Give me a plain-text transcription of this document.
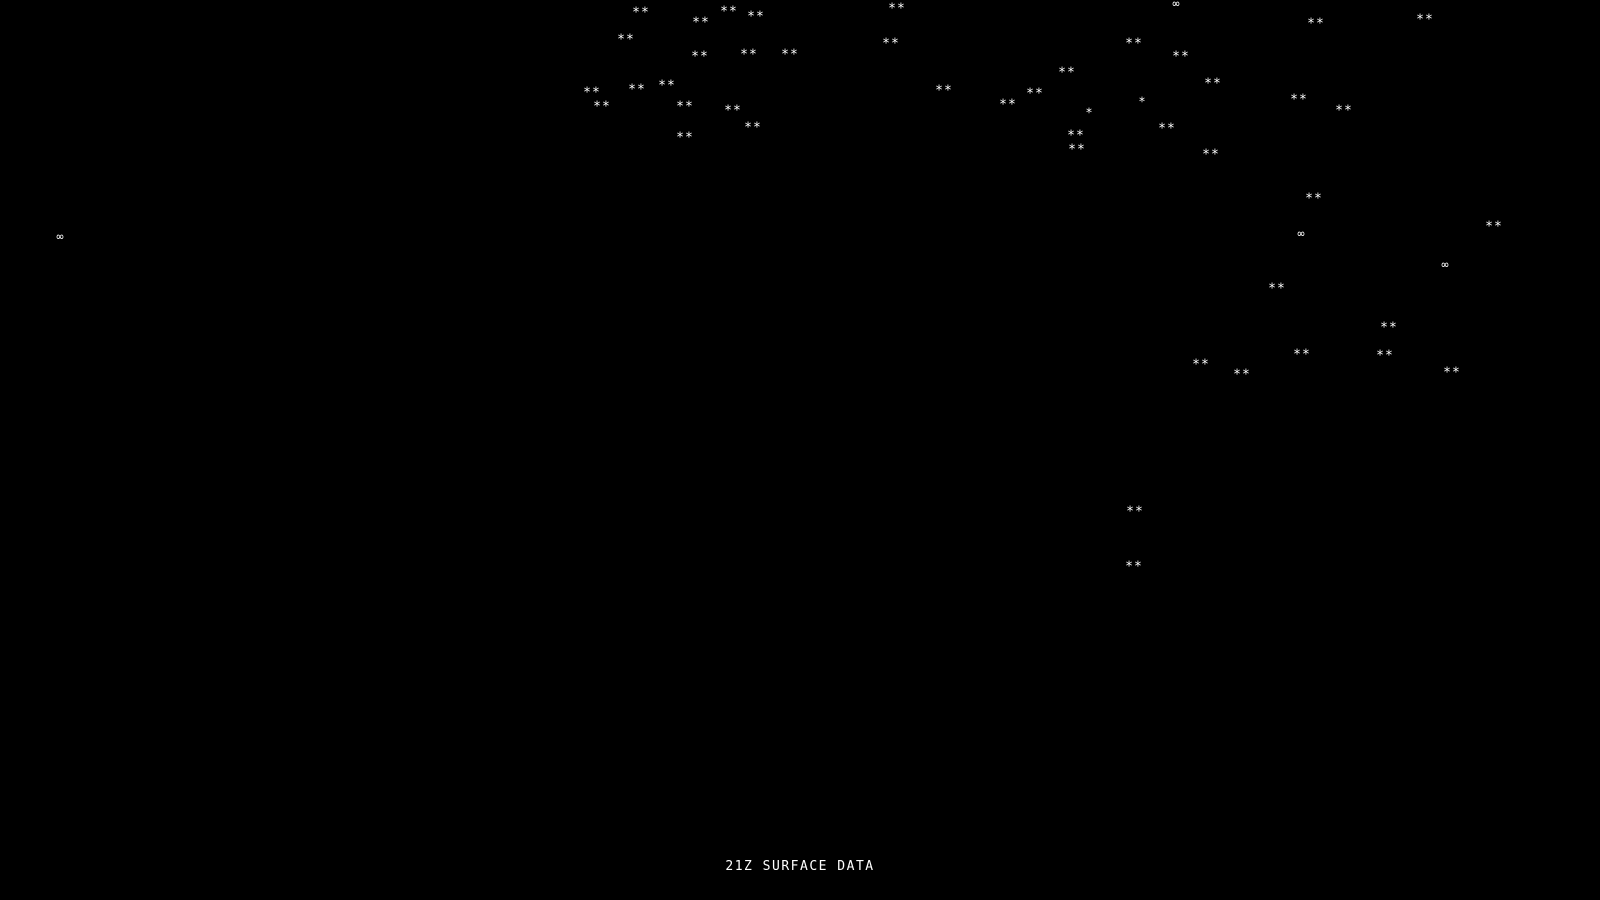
21Z SURFACE DATA
**
**
** **
**	∞
**	**
**	**	**
**
** ** **
**
**
** ** **	**	**
**	*
*	**
**
**	** **
**
**	**
**
**
**
**
∞	∞	**
∞
**
**
**	**
**
**	**
**
**
